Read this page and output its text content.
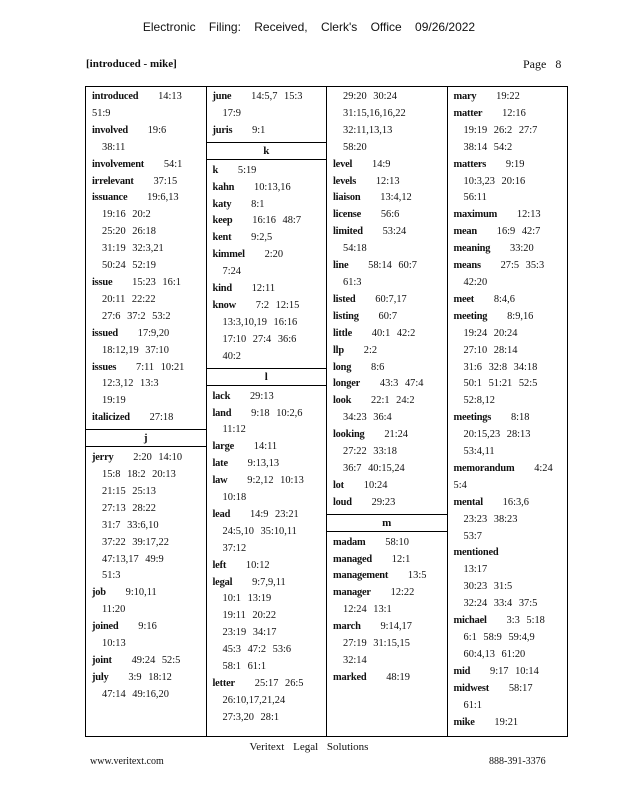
Electronic Filing: Received, Clerk's Office 09/26/2022
[introduced - mike]	Page 8
introduced   14:13 51:9
involved   19:6
38:11
involvement   54:1
irrelevant   37:15
issuance   19:6,13
19:16 20:2
25:20 26:18
31:19 32:3,21
50:24 52:19
issue   15:23 16:1
20:11 22:22
27:6 37:2 53:2
issued   17:9,20
18:12,19 37:10
issues   7:11 10:21
12:3,12 13:3
19:19
italicized   27:18
j
jerry   2:20 14:10
15:8 18:2 20:13
21:15 25:13
27:13 28:22
31:7 33:6,10
37:22 39:17,22
47:13,17 49:9
51:3
job   9:10,11
11:20
joined   9:16
10:13
joint   49:24 52:5
july   3:9 18:12
47:14 49:16,20
june   14:5,7 15:3
17:9
juris   9:1
k
k   5:19
kahn   10:13,16
katy   8:1
keep   16:16 48:7
kent   9:2,5
kimmel   2:20
7:24
kind   12:11
know   7:2 12:15
13:3,10,19 16:16
17:10 27:4 36:6
40:2
l
lack   29:13
land   9:18 10:2,6
11:12
large   14:11
late   9:13,13
law   9:2,12 10:13
10:18
lead   14:9 23:21
24:5,10 35:10,11
37:12
left   10:12
legal   9:7,9,11
10:1 13:19
19:11 20:22
23:19 34:17
45:3 47:2 53:6
58:1 61:1
letter   25:17 26:5
26:10,17,21,24
27:3,20 28:1
29:20 30:24
31:15,16,16,22
32:11,13,13
58:20
level   14:9
levels   12:13
liaison   13:4,12
license   56:6
limited   53:24
54:18
line   58:14 60:7
61:3
listed   60:7,17
listing   60:7
little   40:1 42:2
llp   2:2
long   8:6
longer   43:3 47:4
look   22:1 24:2
34:23 36:4
looking   21:24
27:22 33:18
36:7 40:15,24
lot   10:24
loud   29:23
m
madam   58:10
managed   12:1
management   13:5
manager   12:22
12:24 13:1
march   9:14,17
27:19 31:15,15
32:14
marked   48:19
mary   19:22
matter   12:16
19:19 26:2 27:7
38:14 54:2
matters   9:19
10:3,23 20:16
56:11
maximum   12:13
mean   16:9 42:7
meaning   33:20
means   27:5 35:3
42:20
meet   8:4,6
meeting   8:9,16
19:24 20:24
27:10 28:14
31:6 32:8 34:18
50:1 51:21 52:5
52:8,12
meetings   8:18
20:15,23 28:13
53:4,11
memorandum   4:24 5:4
mental   16:3,6
23:23 38:23
53:7
mentioned
13:17
30:23 31:5
32:24 33:4 37:5
michael   3:3 5:18
6:1 58:9 59:4,9
60:4,13 61:20
mid   9:17 10:14
midwest   58:17
61:1
mike   19:21
Veritext Legal Solutions
www.veritext.com	888-391-3376
